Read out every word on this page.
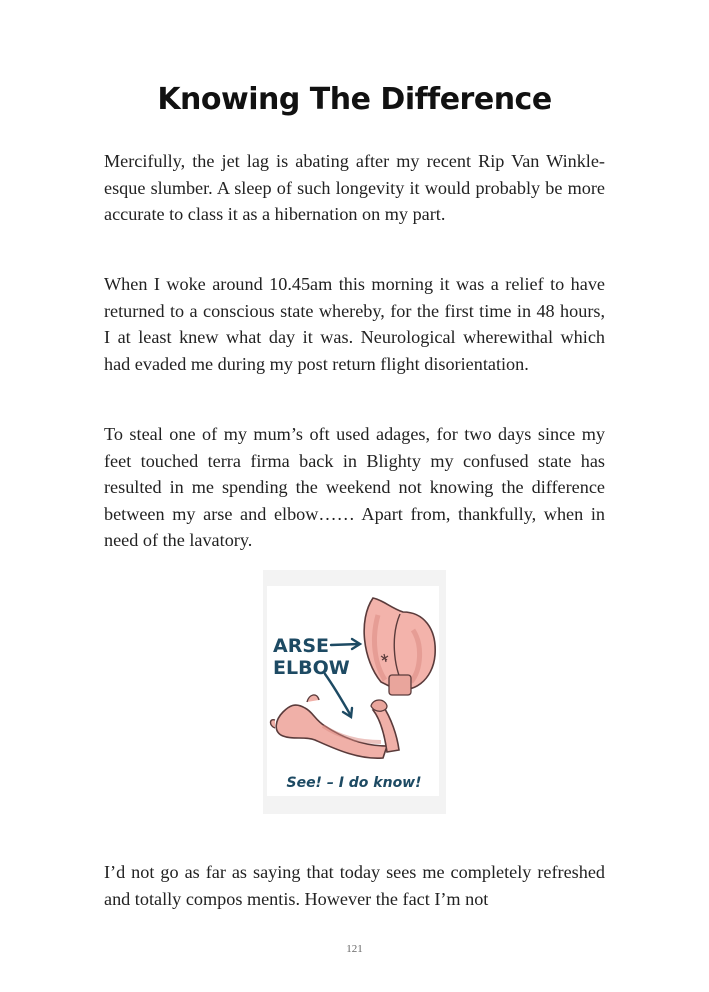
Knowing The Difference

Mercifully, the jet lag is abating after my recent Rip Van Winkle-esque slumber. A sleep of such longevity it would probably be more accurate to class it as a hibernation on my part.

When I woke around 10.45am this morning it was a relief to have returned to a conscious state whereby, for the first time in 48 hours, I at least knew what day it was. Neurological wherewithal which had evaded me during my post return flight disorientation.

To steal one of my mum’s oft used adages, for two days since my feet touched terra firma back in Blighty my confused state has resulted in me spending the weekend not knowing the difference between my arse and elbow…… Apart from, thankfully, when in need of the lavatory.

ARSE
ELBOW
See! – I do know!

I’d not go as far as saying that today sees me completely refreshed and totally compos mentis. However the fact I’m not

121
